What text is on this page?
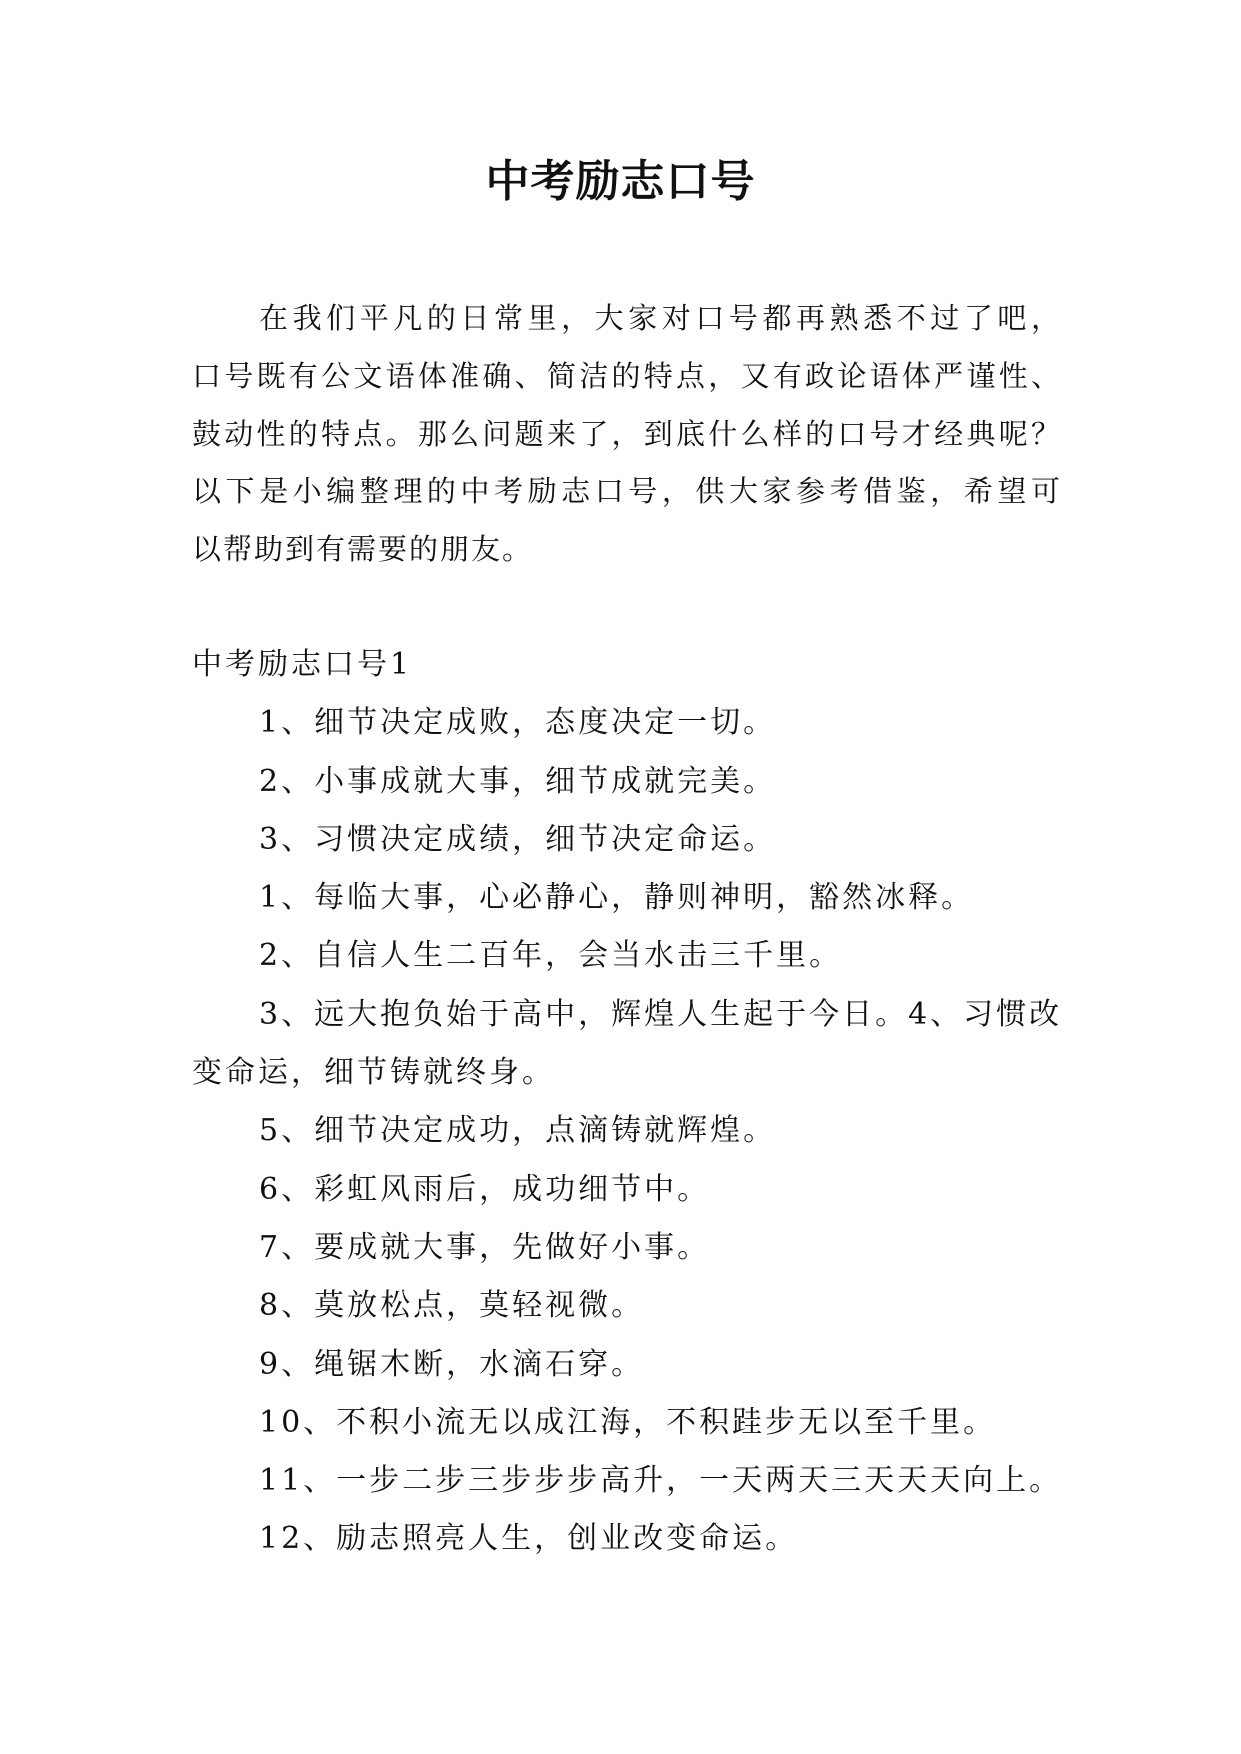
中考励志口号
在我们平凡的日常里，大家对口号都再熟悉不过了吧，
口号既有公文语体准确、简洁的特点，又有政论语体严谨性、
鼓动性的特点。那么问题来了，到底什么样的口号才经典呢？
以下是小编整理的中考励志口号，供大家参考借鉴，希望可
以帮助到有需要的朋友。
中考励志口号1
1、细节决定成败，态度决定一切。
2、小事成就大事，细节成就完美。
3、习惯决定成绩，细节决定命运。
1、每临大事，心必静心，静则神明，豁然冰释。
2、自信人生二百年，会当水击三千里。
3、远大抱负始于高中，辉煌人生起于今日。4、习惯改
变命运，细节铸就终身。
5、细节决定成功，点滴铸就辉煌。
6、彩虹风雨后，成功细节中。
7、要成就大事，先做好小事。
8、莫放松点，莫轻视微。
9、绳锯木断，水滴石穿。
10、不积小流无以成江海，不积跬步无以至千里。
11、一步二步三步步步高升，一天两天三天天天向上。
12、励志照亮人生，创业改变命运。
